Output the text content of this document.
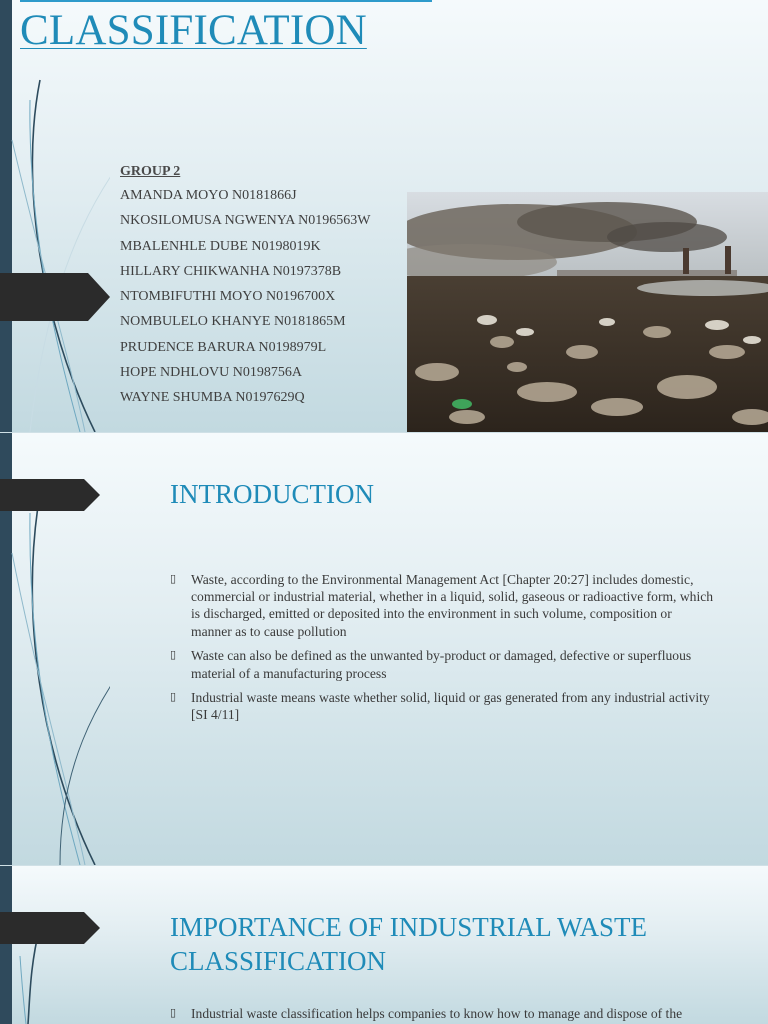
CLASSIFICATION
GROUP 2
AMANDA MOYO N0181866J
NKOSILOMUSA NGWENYA N0196563W
MBALENHLE DUBE N0198019K
HILLARY CHIKWANHA N0197378B
NTOMBIFUTHI MOYO N0196700X
NOMBULELO KHANYE N0181865M
PRUDENCE BARURA N0198979L
HOPE NDHLOVU N0198756A
WAYNE SHUMBA N0197629Q
INTRODUCTION
▯ Waste, according to the Environmental Management Act [Chapter 20:27] includes domestic, commercial or industrial material, whether in a liquid, solid, gaseous or radioactive form, which is discharged, emitted or deposited into the environment in such volume, composition or manner as to cause pollution
▯ Waste can also be defined as the unwanted by-product or damaged, defective or superfluous material of a manufacturing process
▯ Industrial waste means waste whether solid, liquid or gas generated from any industrial activity [SI 4/11]
IMPORTANCE OF INDUSTRIAL WASTE
CLASSIFICATION
▯ Industrial waste classification helps companies to know how to manage and dispose of the
